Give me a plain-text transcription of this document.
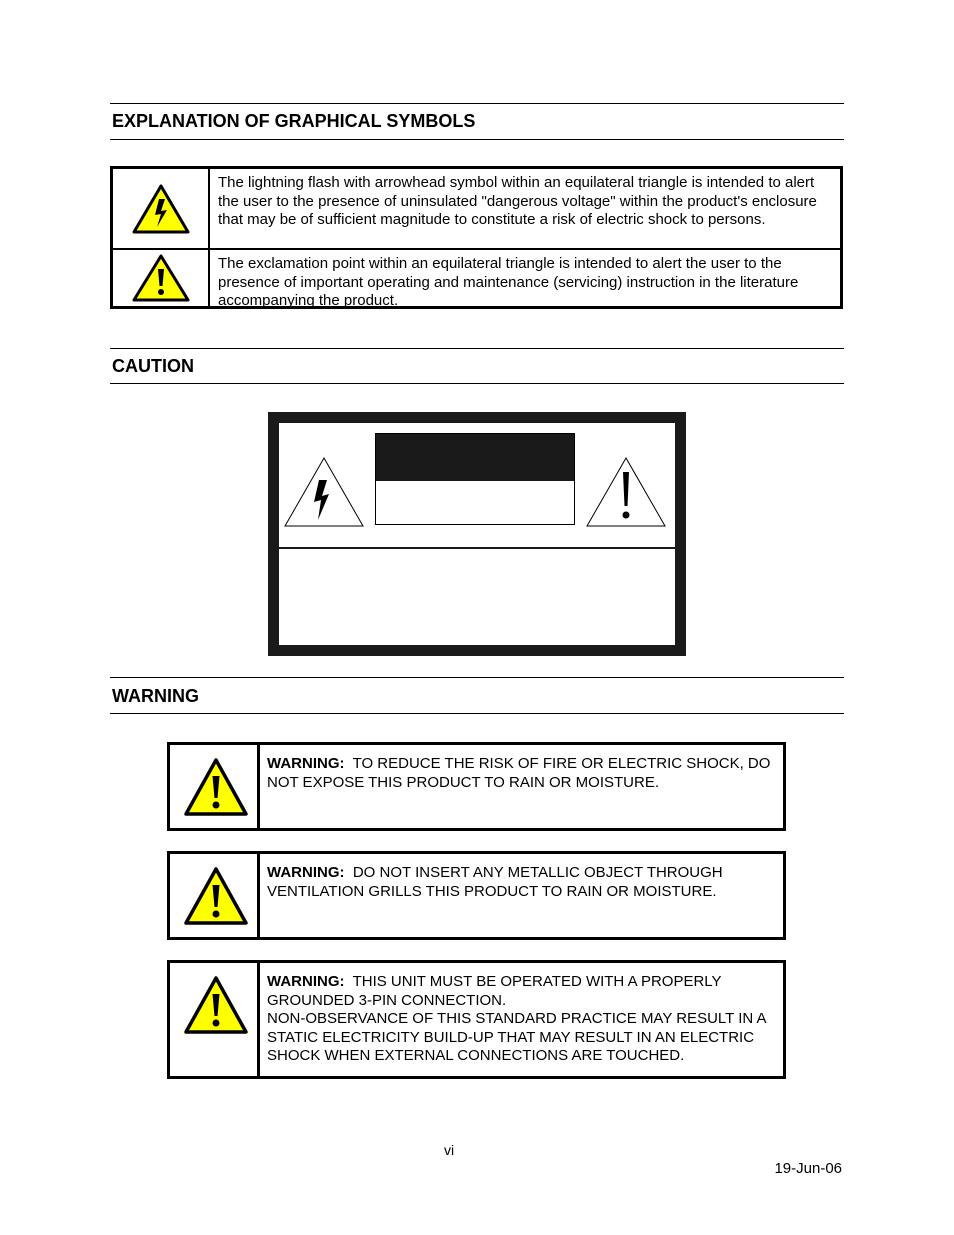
EXPLANATION OF GRAPHICAL SYMBOLS
The lightning flash with arrowhead symbol within an equilateral triangle is intended to alert the user to the presence of uninsulated "dangerous voltage" within the product's enclosure that may be of sufficient magnitude to constitute a risk of electric shock to persons.
The exclamation point within an equilateral triangle is intended to alert the user to the presence of important operating and maintenance (servicing) instruction in the literature accompanying the product.
CAUTION
WARNING
WARNING: TO REDUCE THE RISK OF FIRE OR ELECTRIC SHOCK, DO NOT EXPOSE THIS PRODUCT TO RAIN OR MOISTURE.
WARNING: DO NOT INSERT ANY METALLIC OBJECT THROUGH VENTILATION GRILLS THIS PRODUCT TO RAIN OR MOISTURE.
WARNING: THIS UNIT MUST BE OPERATED WITH A PROPERLY GROUNDED 3-PIN CONNECTION.
NON-OBSERVANCE OF THIS STANDARD PRACTICE MAY RESULT IN A STATIC ELECTRICITY BUILD-UP THAT MAY RESULT IN AN ELECTRIC SHOCK WHEN EXTERNAL CONNECTIONS ARE TOUCHED.
vi
19-Jun-06
